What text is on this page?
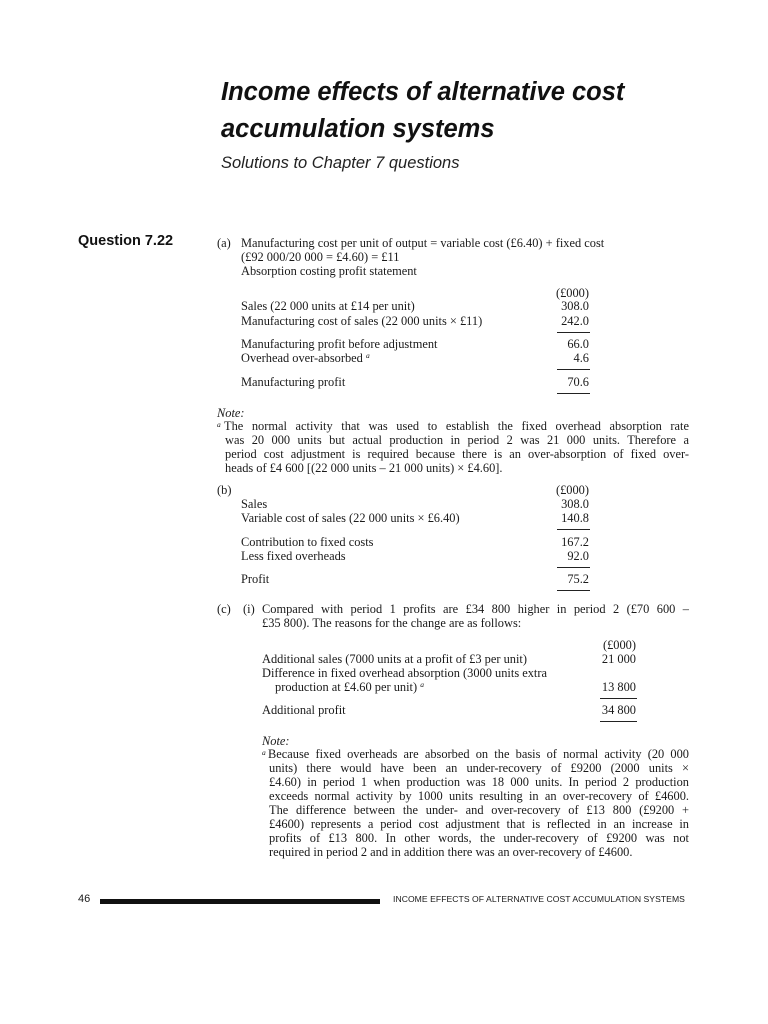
Income effects of alternative cost accumulation systems
Solutions to Chapter 7 questions
Question 7.22	(a) Manufacturing cost per unit of output = variable cost (£6.40) + fixed cost
(£92 000/20 000 = £4.60) = £11
Absorption costing profit statement
(£000)
Sales (22 000 units at £14 per unit)	308.0
Manufacturing cost of sales (22 000 units × £11)	242.0
Manufacturing profit before adjustment	66.0
Overhead over-absorbed $^a$	4.6
Manufacturing profit	70.6
Note:
$^a$ The normal activity that was used to establish the fixed overhead absorption rate
was 20 000 units but actual production in period 2 was 21 000 units. Therefore a
period cost adjustment is required because there is an over-absorption of fixed over-
heads of £4 600 [(22 000 units – 21 000 units) × £4.60].
(b)	(£000)
Sales	308.0
Variable cost of sales (22 000 units × £6.40)	140.8
Contribution to fixed costs	167.2
Less fixed overheads	92.0
Profit	75.2
(c) (i) Compared with period 1 profits are £34 800 higher in period 2 (£70 600 –
£35 800). The reasons for the change are as follows:
(£000)
Additional sales (7000 units at a profit of £3 per unit)	21 000
Difference in fixed overhead absorption (3000 units extra
production at £4.60 per unit) $^a$	13 800
Additional profit	34 800
Note:
$^a$ Because fixed overheads are absorbed on the basis of normal activity (20 000
units) there would have been an under-recovery of £9200 (2000 units ×
£4.60) in period 1 when production was 18 000 units. In period 2 production
exceeds normal activity by 1000 units resulting in an over-recovery of £4600.
The difference between the under- and over-recovery of £13 800 (£9200 +
£4600) represents a period cost adjustment that is reflected in an increase in
profits of £13 800. In other words, the under-recovery of £9200 was not
required in period 2 and in addition there was an over-recovery of £4600.
46	INCOME EFFECTS OF ALTERNATIVE COST ACCUMULATION SYSTEMS
